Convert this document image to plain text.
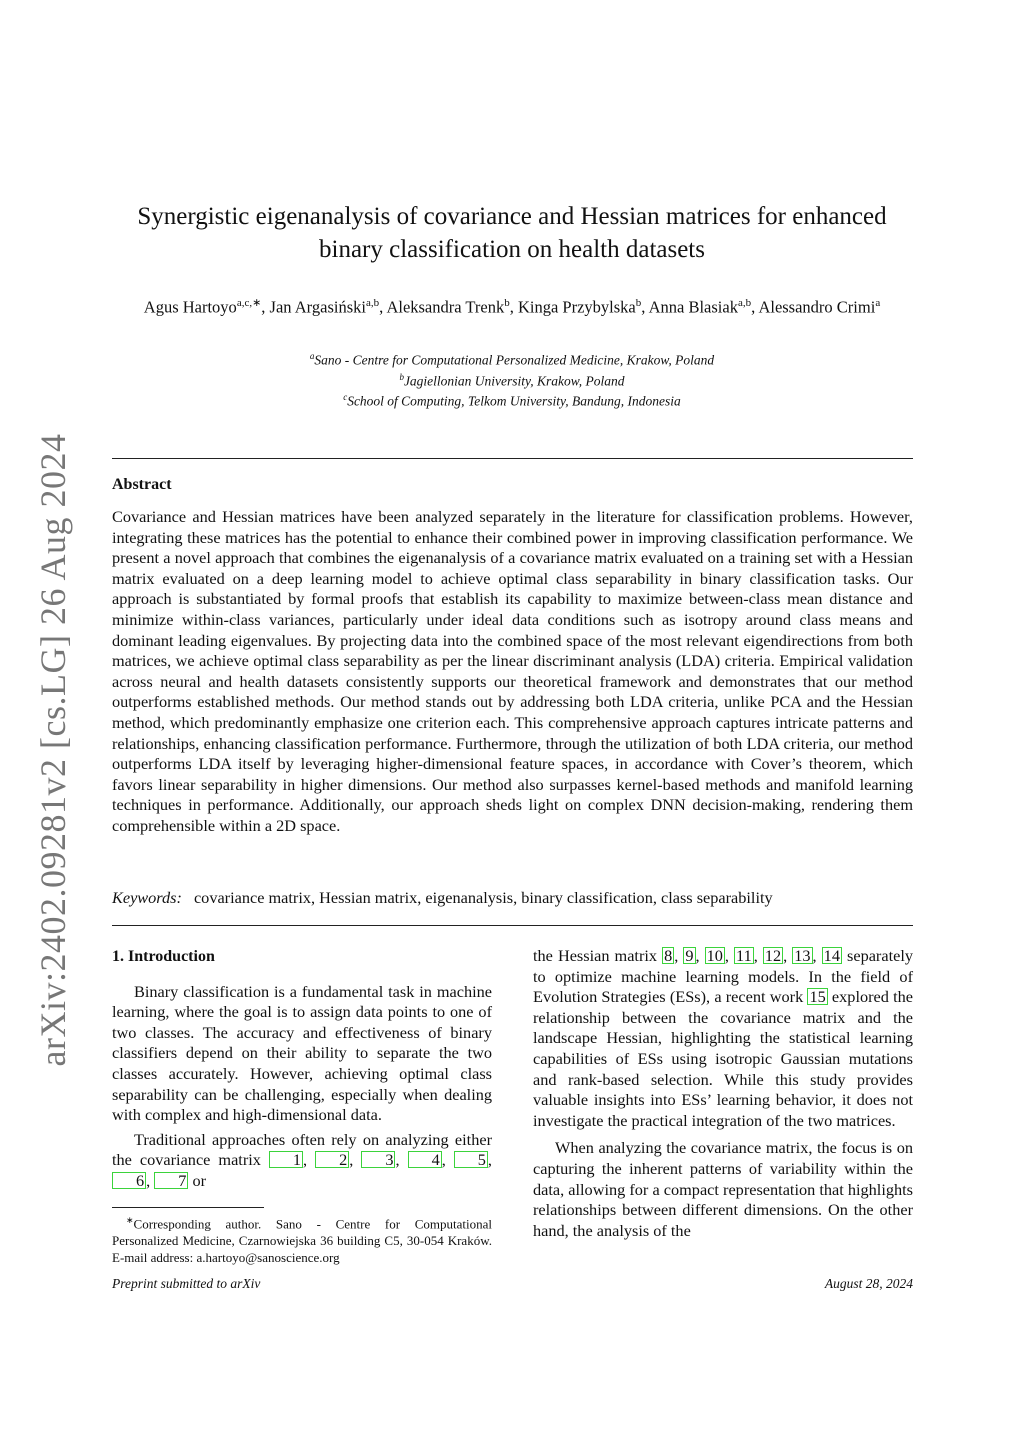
arXiv:2402.09281v2 [cs.LG] 26 Aug 2024
Synergistic eigenanalysis of covariance and Hessian matrices for enhanced
binary classification on health datasets
Agus Hartoyo$^{a,c,∗}$, Jan Argasiński$^{a,b}$, Aleksandra Trenk$^b$, Kinga Przybylska$^b$, Anna Blasiak$^{a,b}$, Alessandro Crimi$^a$
$^a$Sano - Centre for Computational Personalized Medicine, Krakow, Poland
$^b$Jagiellonian University, Krakow, Poland
$^c$School of Computing, Telkom University, Bandung, Indonesia
Abstract

Covariance and Hessian matrices have been analyzed separately in the literature for classification problems. However, integrating these matrices has the potential to enhance their combined power in improving classification performance. We present a novel approach that combines the eigenanalysis of a covariance matrix evaluated on a training set with a Hessian matrix evaluated on a deep learning model to achieve optimal class separability in binary classification tasks. Our approach is substantiated by formal proofs that establish its capability to maximize between-class mean distance and minimize within-class variances, particularly under ideal data conditions such as isotropy around class means and dominant leading eigenvalues. By projecting data into the combined space of the most relevant eigendirections from both matrices, we achieve optimal class separability as per the linear discriminant analysis (LDA) criteria. Empirical validation across neural and health datasets consistently supports our theoretical framework and demonstrates that our method outperforms established methods. Our method stands out by addressing both LDA criteria, unlike PCA and the Hessian method, which predominantly emphasize one criterion each. This comprehensive approach captures intricate patterns and relationships, enhancing classification performance. Furthermore, through the utilization of both LDA criteria, our method outperforms LDA itself by leveraging higher-dimensional feature spaces, in accordance with Cover’s theorem, which favors linear separability in higher dimensions. Our method also surpasses kernel-based methods and manifold learning techniques in performance. Additionally, our approach sheds light on complex DNN decision-making, rendering them comprehensible within a 2D space.

Keywords: covariance matrix, Hessian matrix, eigenanalysis, binary classification, class separability
1. Introduction

Binary classification is a fundamental task in machine learning, where the goal is to assign data points to one of two classes. The accuracy and effectiveness of binary classifiers depend on their ability to separate the two classes accurately. However, achieving optimal class separability can be challenging, especially when dealing with complex and high-dimensional data.

Traditional approaches often rely on analyzing either the covariance matrix 1 , 2 , 3 , 4 , 5 , 6 , 7 or

the Hessian matrix 8 , 9 , 10 , 11 , 12 , 13 , 14 separately to optimize machine learning models. In the field of Evolution Strategies (ESs), a recent work 15 explored the relationship between the covariance matrix and the landscape Hessian, highlighting the statistical learning capabilities of ESs using isotropic Gaussian mutations and rank-based selection. While this study provides valuable insights into ESs’ learning behavior, it does not investigate the practical integration of the two matrices.

When analyzing the covariance matrix, the focus is on capturing the inherent patterns of variability within the data, allowing for a compact representation that highlights relationships between different dimensions. On the other hand, the analysis of the

∗Corresponding author. Sano - Centre for Computational Personalized Medicine, Czarnowiejska 36 building C5, 30-054 Kraków. E-mail address: a.hartoyo@sanoscience.org
Preprint submitted to arXiv	August 28, 2024
